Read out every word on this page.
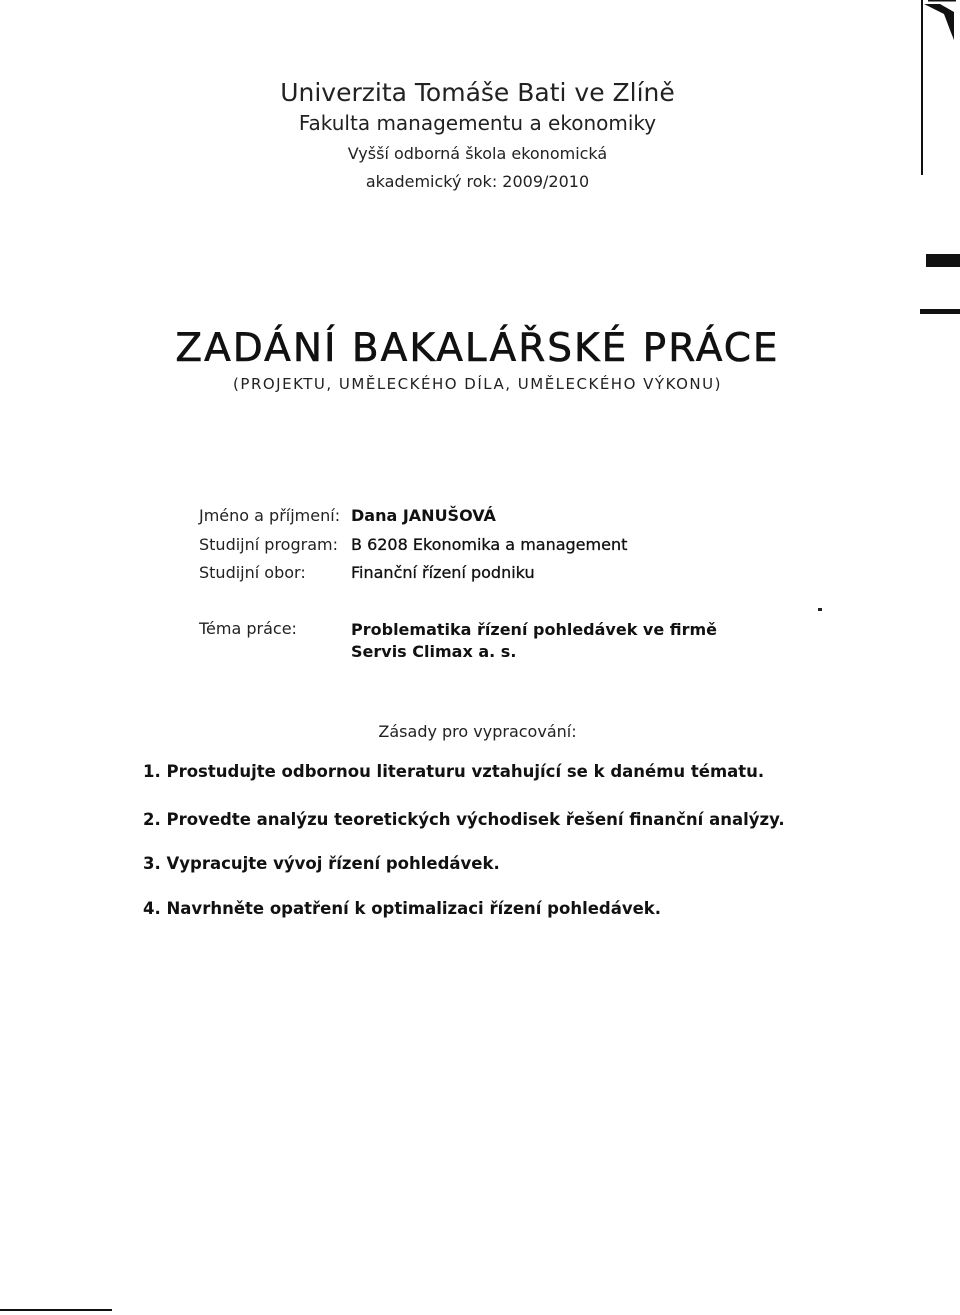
Univerzita Tomáše Bati ve Zlíně
Fakulta managementu a ekonomiky
Vyšší odborná škola ekonomická
akademický rok: 2009/2010
ZADÁNÍ BAKALÁŘSKÉ PRÁCE
(PROJEKTU, UMĚLECKÉHO DÍLA, UMĚLECKÉHO VÝKONU)
Jméno a příjmení: Dana JANUŠOVÁ
Studijní program: B 6208 Ekonomika a management
Studijní obor:	Finanční řízení podniku
Téma práce:	Problematika řízení pohledávek ve firmě Servis Climax a. s.
Zásady pro vypracování:
1. Prostudujte odbornou literaturu vztahující se k danému tématu.
2. Provedte analýzu teoretických východisek řešení finanční analýzy.
3. Vypracujte vývoj řízení pohledávek.
4. Navrhněte opatření k optimalizaci řízení pohledávek.
